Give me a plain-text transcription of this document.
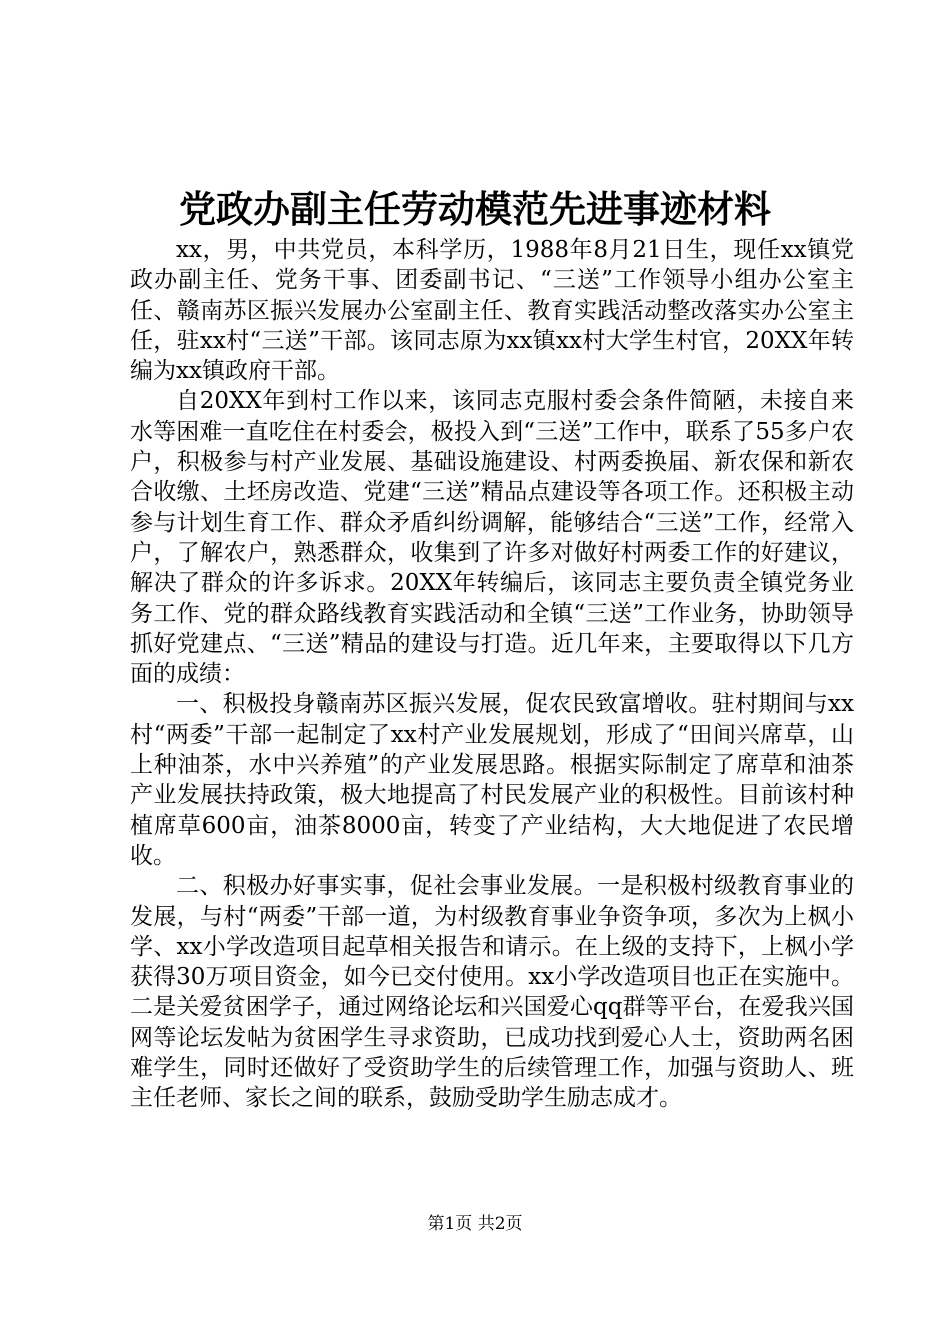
党政办副主任劳动模范先进事迹材料

xx，男，中共党员，本科学历，1988年8月21日生，现任xx镇党政办副主任、党务干事、团委副书记、“三送”工作领导小组办公室主任、赣南苏区振兴发展办公室副主任、教育实践活动整改落实办公室主任，驻xx村“三送”干部。该同志原为xx镇xx村大学生村官，20XX年转编为xx镇政府干部。

自20XX年到村工作以来，该同志克服村委会条件简陋，未接自来水等困难一直吃住在村委会，极投入到“三送”工作中，联系了55多户农户，积极参与村产业发展、基础设施建设、村两委换届、新农保和新农合收缴、土坯房改造、党建“三送”精品点建设等各项工作。还积极主动参与计划生育工作、群众矛盾纠纷调解，能够结合“三送”工作，经常入户，了解农户，熟悉群众，收集到了许多对做好村两委工作的好建议，解决了群众的许多诉求。20XX年转编后，该同志主要负责全镇党务业务工作、党的群众路线教育实践活动和全镇“三送”工作业务，协助领导抓好党建点、“三送”精品的建设与打造。近几年来，主要取得以下几方面的成绩：

一、积极投身赣南苏区振兴发展，促农民致富增收。驻村期间与xx村“两委”干部一起制定了xx村产业发展规划，形成了“田间兴席草，山上种油茶，水中兴养殖”的产业发展思路。根据实际制定了席草和油茶产业发展扶持政策，极大地提高了村民发展产业的积极性。目前该村种植席草600亩，油茶8000亩，转变了产业结构，大大地促进了农民增收。

二、积极办好事实事，促社会事业发展。一是积极村级教育事业的发展，与村“两委”干部一道，为村级教育事业争资争项，多次为上枫小学、xx小学改造项目起草相关报告和请示。在上级的支持下，上枫小学获得30万项目资金，如今已交付使用。xx小学改造项目也正在实施中。二是关爱贫困学子，通过网络论坛和兴国爱心qq群等平台，在爱我兴国网等论坛发帖为贫困学生寻求资助，已成功找到爱心人士，资助两名困难学生，同时还做好了受资助学生的后续管理工作，加强与资助人、班主任老师、家长之间的联系，鼓励受助学生励志成才。

第1页 共2页
